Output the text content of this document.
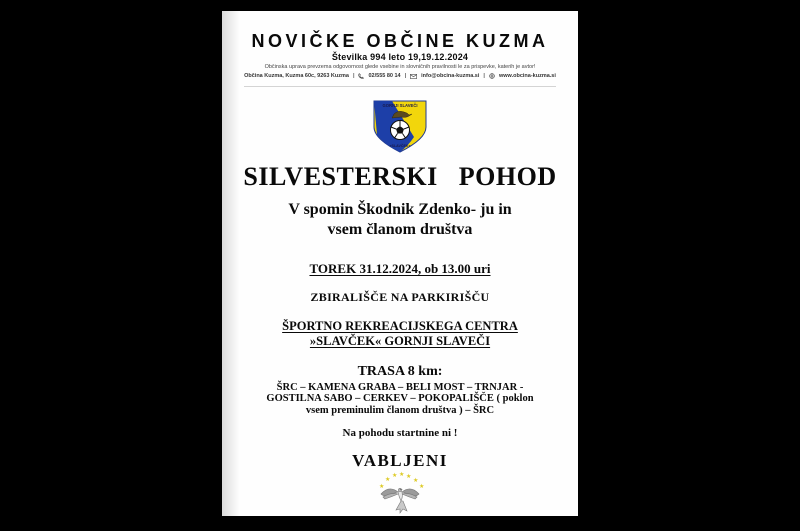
NOVIČKE OBČINE KUZMA
Številka 994 leto 19,19.12.2024
Občinska uprava prevzema odgovornost glede vsebine in slovničnih pravilnosti le za prispevke, katerih je avtor!
Občina Kuzma, Kuzma 60c, 9263 Kuzma |	02/555 80 14 |	info@obcina-kuzma.si |	www.obcina-kuzma.si
GORNJI SLAVEČI
»SLAVČEK«
SILVESTERSKI POHOD
V spomin Škodnik Zdenko- ju in
vsem članom društva
TOREK 31.12.2024, ob 13.00 uri
ZBIRALIŠČE NA PARKIRIŠČU
ŠPORTNO REKREACIJSKEGA CENTRA
»SLAVČEK« GORNJI SLAVEČI
TRASA 8 km:
ŠRC – KAMENA GRABA – BELI MOST – TRNJAR -
GOSTILNA SABO – CERKEV – POKOPALIŠČE ( poklon
vsem preminulim članom društva ) – ŠRC
Na pohodu startnine ni !
VABLJENI
★
★
★ ★ ★
★
★
